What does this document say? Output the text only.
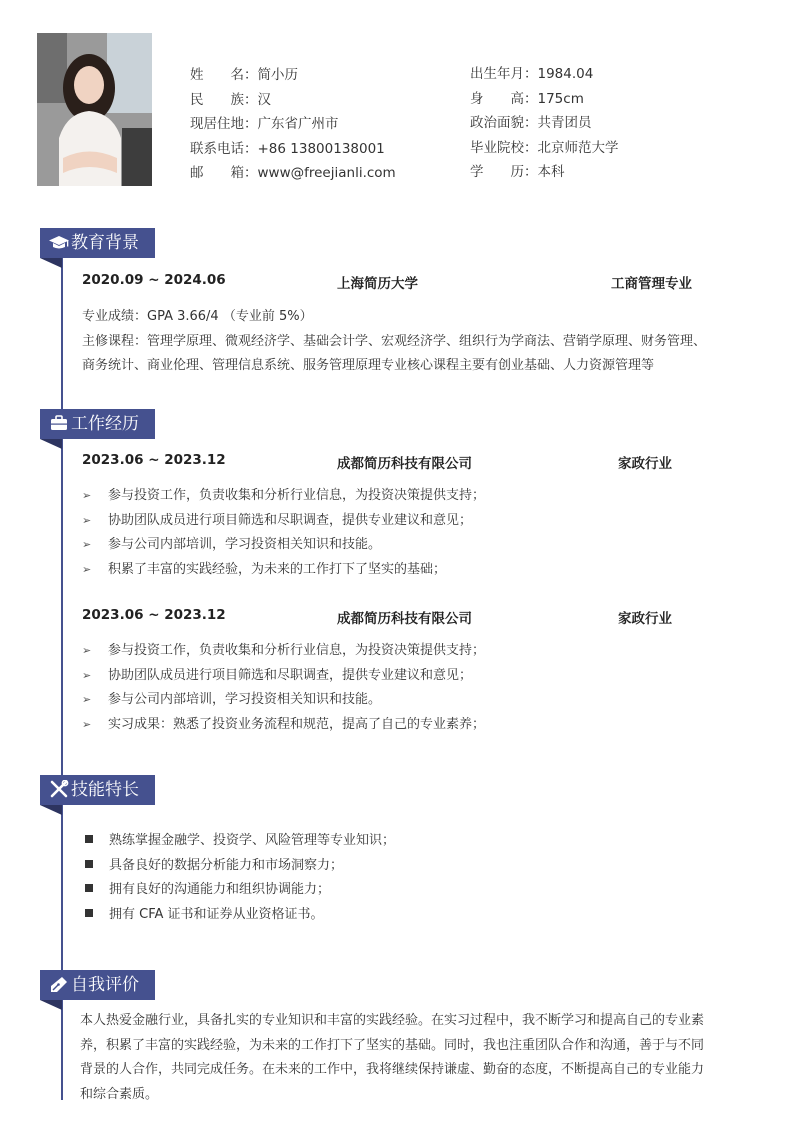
姓　　名：简小历
民　　族：汉
现居住地：广东省广州市
联系电话：+86 13800138001
邮　　箱：www@freejianli.com
出生年月：1984.04
身　　高：175cm
政治面貌：共青团员
毕业院校：北京师范大学
学　　历：本科
教育背景
2020.09 ~ 2024.06	上海简历大学	工商管理专业
专业成绩：GPA 3.66/4 （专业前 5%）
主修课程：管理学原理、微观经济学、基础会计学、宏观经济学、组织行为学商法、营销学原理、财务管理、
商务统计、商业伦理、管理信息系统、服务管理原理专业核心课程主要有创业基础、人力资源管理等
工作经历
2023.06 ~ 2023.12	成都简历科技有限公司	家政行业
➢ 参与投资工作，负责收集和分析行业信息，为投资决策提供支持；
➢ 协助团队成员进行项目筛选和尽职调查，提供专业建议和意见；
➢ 参与公司内部培训，学习投资相关知识和技能。
➢ 积累了丰富的实践经验，为未来的工作打下了坚实的基础；
2023.06 ~ 2023.12	成都简历科技有限公司	家政行业
➢ 参与投资工作，负责收集和分析行业信息，为投资决策提供支持；
➢ 协助团队成员进行项目筛选和尽职调查，提供专业建议和意见；
➢ 参与公司内部培训，学习投资相关知识和技能。
➢ 实习成果：熟悉了投资业务流程和规范，提高了自己的专业素养；
技能特长
熟练掌握金融学、投资学、风险管理等专业知识；
具备良好的数据分析能力和市场洞察力；
拥有良好的沟通能力和组织协调能力；
拥有 CFA 证书和证券从业资格证书。
自我评价
本人热爱金融行业，具备扎实的专业知识和丰富的实践经验。在实习过程中，我不断学习和提高自己的专业素
养，积累了丰富的实践经验，为未来的工作打下了坚实的基础。同时，我也注重团队合作和沟通，善于与不同
背景的人合作，共同完成任务。在未来的工作中，我将继续保持谦虚、勤奋的态度，不断提高自己的专业能力
和综合素质。
